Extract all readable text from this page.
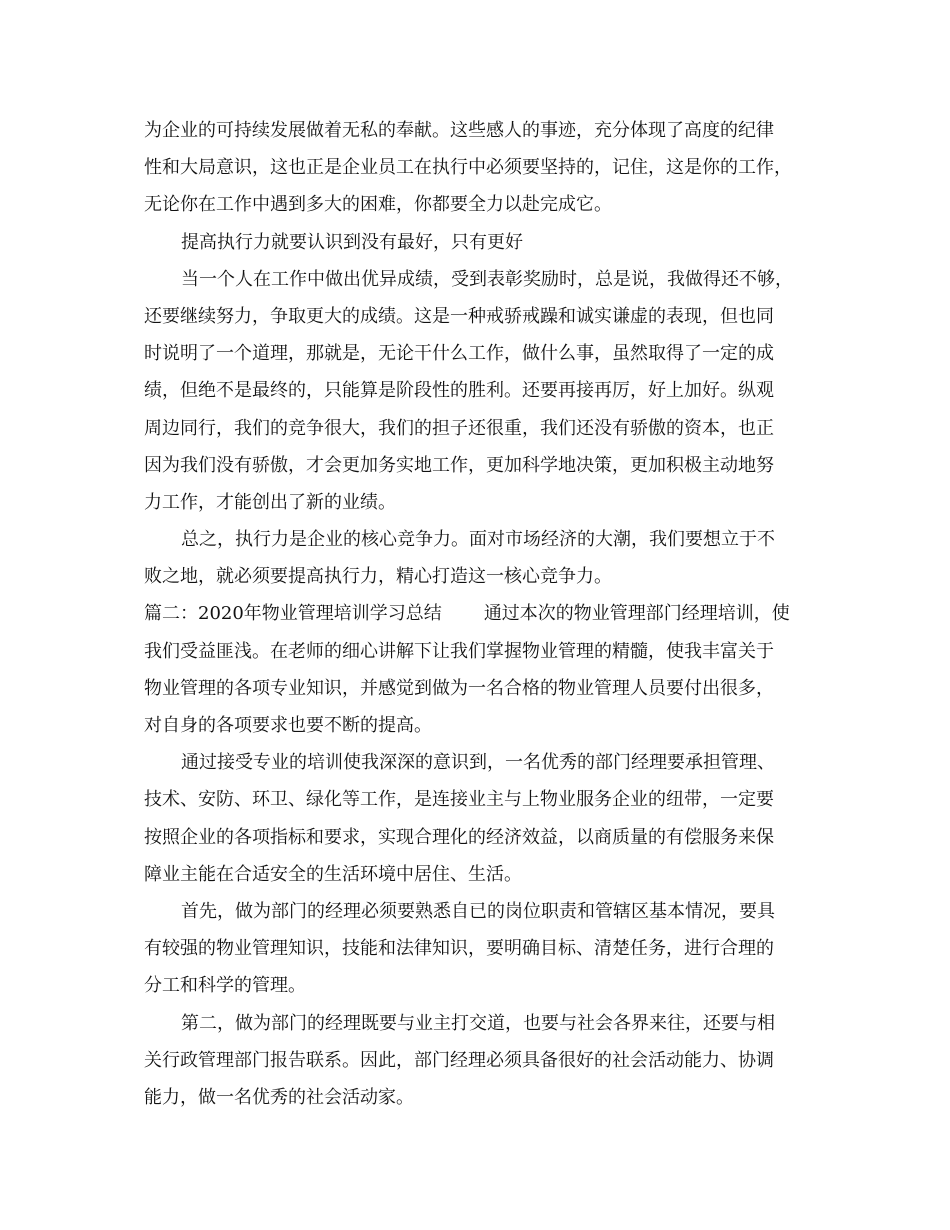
为企业的可持续发展做着无私的奉献。这些感人的事迹，充分体现了高度的纪律
性和大局意识，这也正是企业员工在执行中必须要坚持的，记住，这是你的工作，
无论你在工作中遇到多大的困难，你都要全力以赴完成它。
提高执行力就要认识到没有最好，只有更好
当一个人在工作中做出优异成绩，受到表彰奖励时，总是说，我做得还不够，
还要继续努力，争取更大的成绩。这是一种戒骄戒躁和诚实谦虚的表现，但也同
时说明了一个道理，那就是，无论干什么工作，做什么事，虽然取得了一定的成
绩，但绝不是最终的，只能算是阶段性的胜利。还要再接再厉，好上加好。纵观
周边同行，我们的竞争很大，我们的担子还很重，我们还没有骄傲的资本，也正
因为我们没有骄傲，才会更加务实地工作，更加科学地决策，更加积极主动地努
力工作，才能创出了新的业绩。
总之，执行力是企业的核心竞争力。面对市场经济的大潮，我们要想立于不
败之地，就必须要提高执行力，精心打造这一核心竞争力。
篇二：2020年物业管理培训学习总结 通过本次的物业管理部门经理培训，使
我们受益匪浅。在老师的细心讲解下让我们掌握物业管理的精髓，使我丰富关于
物业管理的各项专业知识，并感觉到做为一名合格的物业管理人员要付出很多，
对自身的各项要求也要不断的提高。
通过接受专业的培训使我深深的意识到，一名优秀的部门经理要承担管理、
技术、安防、环卫、绿化等工作，是连接业主与上物业服务企业的纽带，一定要
按照企业的各项指标和要求，实现合理化的经济效益，以商质量的有偿服务来保
障业主能在合适安全的生活环境中居住、生活。
首先，做为部门的经理必须要熟悉自已的岗位职责和管辖区基本情况，要具
有较强的物业管理知识，技能和法律知识，要明确目标、清楚任务，进行合理的
分工和科学的管理。
第二，做为部门的经理既要与业主打交道，也要与社会各界来往，还要与相
关行政管理部门报告联系。因此，部门经理必须具备很好的社会活动能力、协调
能力，做一名优秀的社会活动家。
